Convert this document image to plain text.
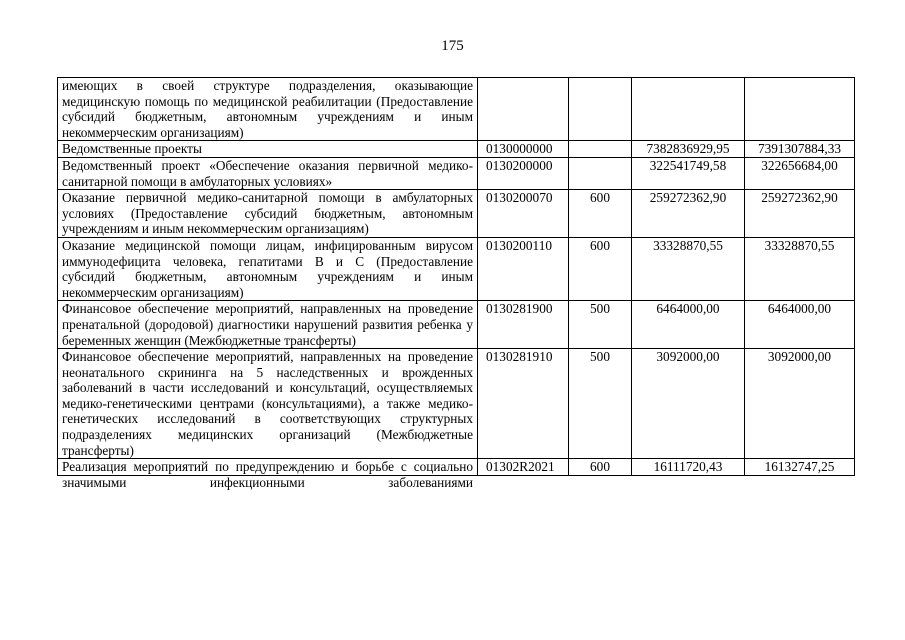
175
имеющих в своей структуре подразделения, оказывающие медицинскую помощь по медицинской реабилитации (Предоставление субсидий бюджетным, автономным учреждениям и иным некоммерческим организациям)				
Ведомственные проекты	0130000000		7382836929,95	7391307884,33
Ведомственный проект «Обеспечение оказания первичной медико-санитарной помощи в амбулаторных условиях»	0130200000		322541749,58	322656684,00
Оказание первичной медико-санитарной помощи в амбулаторных условиях (Предоставление субсидий бюджетным, автономным учреждениям и иным некоммерческим организациям)	0130200070	600	259272362,90	259272362,90
Оказание медицинской помощи лицам, инфицированным вирусом иммунодефицита человека, гепатитами B и C (Предоставление субсидий бюджетным, автономным учреждениям и иным некоммерческим организациям)	0130200110	600	33328870,55	33328870,55
Финансовое обеспечение мероприятий, направленных на проведение пренатальной (дородовой) диагностики нарушений развития ребенка у беременных женщин (Межбюджетные трансферты)	0130281900	500	6464000,00	6464000,00
Финансовое обеспечение мероприятий, направленных на проведение неонатального скрининга на 5 наследственных и врожденных заболеваний в части исследований и консультаций, осуществляемых медико-генетическими центрами (консультациями), а также медико-генетических исследований в соответствующих структурных подразделениях медицинских организаций (Межбюджетные трансферты)	0130281910	500	3092000,00	3092000,00

Реализация мероприятий по предупреждению и борьбе с социально значимыми инфекционными заболеваниями	01302R2021	600	16111720,43	16132747,25
